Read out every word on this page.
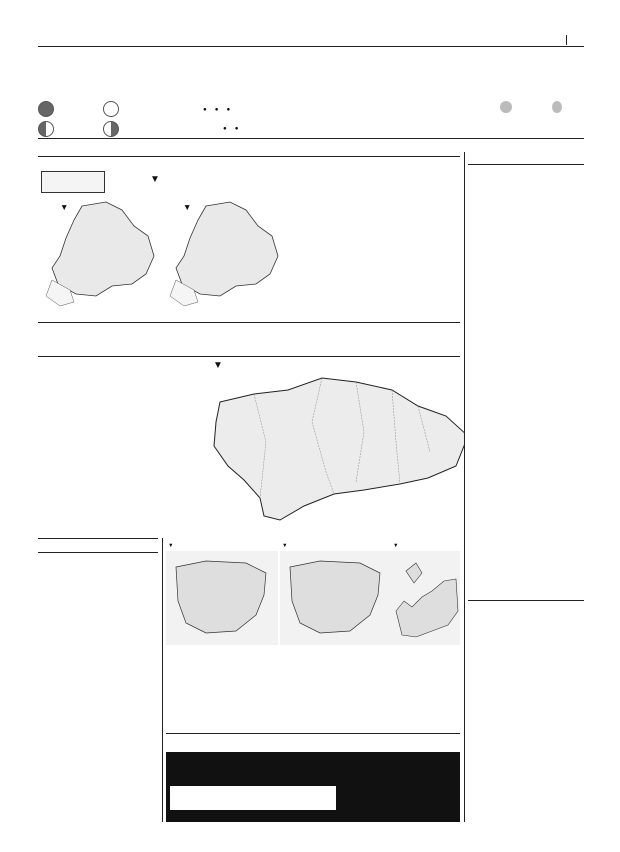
● ● ●
● ●
▼
▼	▼
▼
▼	▼	▼
